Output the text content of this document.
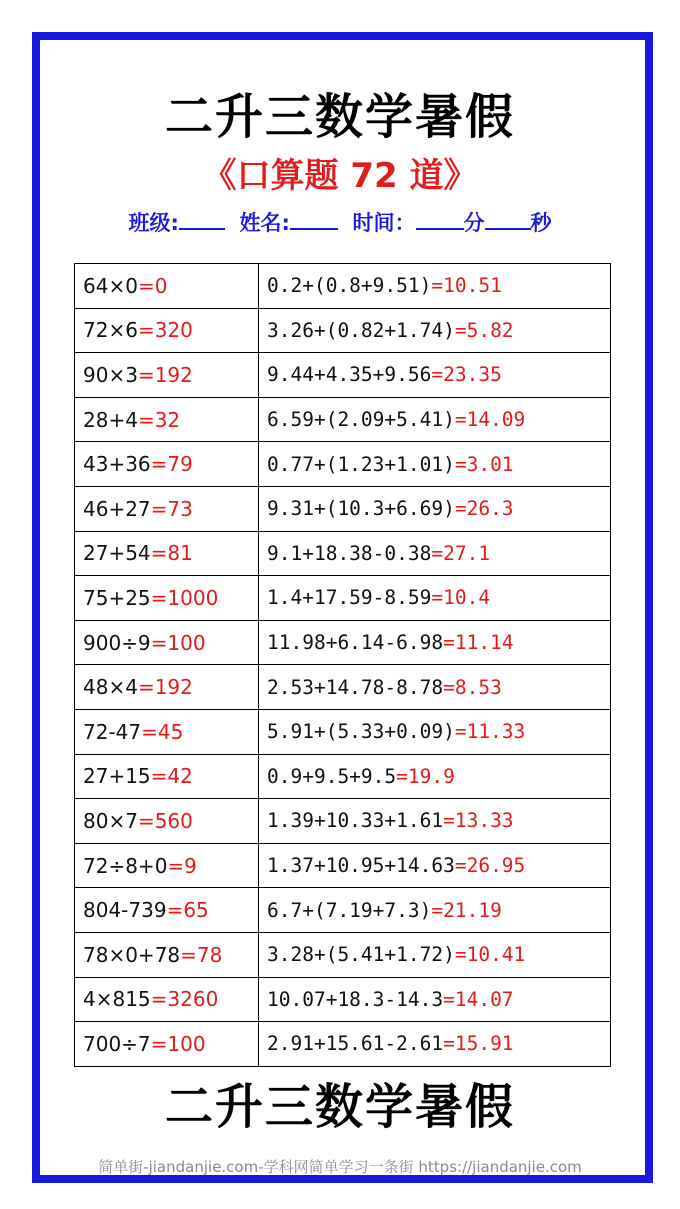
二升三数学暑假
《口算题 72 道》
班级:	姓名:	时间： 分 秒
64×0=0	0.2+(0.8+9.51)=10.51
72×6=320	3.26+(0.82+1.74)=5.82
90×3=192	9.44+4.35+9.56=23.35
28+4=32	6.59+(2.09+5.41)=14.09
43+36=79	0.77+(1.23+1.01)=3.01
46+27=73	9.31+(10.3+6.69)=26.3
27+54=81	9.1+18.38-0.38=27.1
75+25=1000	1.4+17.59-8.59=10.4
900÷9=100	11.98+6.14-6.98=11.14
48×4=192	2.53+14.78-8.78=8.53
72-47=45	5.91+(5.33+0.09)=11.33
27+15=42	0.9+9.5+9.5=19.9
80×7=560	1.39+10.33+1.61=13.33
72÷8+0=9	1.37+10.95+14.63=26.95
804-739=65	6.7+(7.19+7.3)=21.19
78×0+78=78	3.28+(5.41+1.72)=10.41
4×815=3260	10.07+18.3-14.3=14.07
700÷7=100	2.91+15.61-2.61=15.91
二升三数学暑假
简单街-jiandanjie.com-学科网简单学习一条街 https://jiandanjie.com
